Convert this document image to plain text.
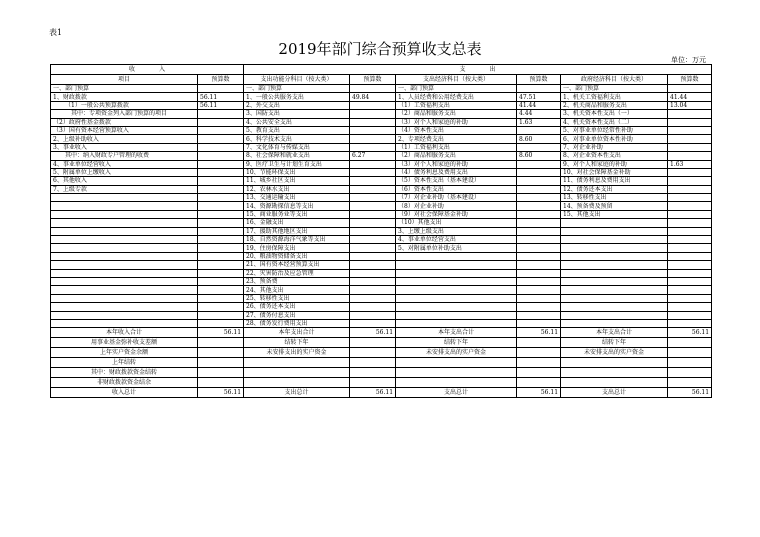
表1
2019年部门综合预算收支总表
单位：万元
收　　　　入		支　　　　出					
项目	预算数	支出功能分科目（按大类）	预算数	支出经济科目（按大类）	预算数	政府经济科目（按大类）	预算数
一、部门预算		一、部门预算		一、部门预算		一、部门预算	
1、财政拨款	56.11	1、一般公共服务支出	49.84	1、人员经费和公用经费支出	47.51	1、机关工资福利支出	41.44
（1）一般公共预算拨款	56.11	2、外交支出		（1）工资福利支出	41.44	2、机关商品和服务支出	13.04
其中：专项资金列入部门预算的项目		3、国防支出		（2）商品和服务支出	4.44	3、机关资本性支出（一）	
（2）政府性基金拨款		4、公共安全支出		（3）对个人和家庭的补助	1.63	4、机关资本性支出（二）	
（3）国有资本经营预算收入		5、教育支出		（4）资本性支出		5、对事业单位经常性补助	
2、上级补助收入		6、科学技术支出		2、专项经费支出	8.60	6、对事业单位资本性补助	
3、事业收入		7、文化体育与传媒支出		（1）工资福利支出		7、对企业补助	
其中：纳入财政专户管理的收费		8、社会保障和就业支出	6.27	（2）商品和服务支出	8.60	8、对企业资本性支出	
4、事业单位经营收入		9、医疗卫生与计划生育支出		（3）对个人和家庭的补助		9、对个人和家庭的补助	1.63
5、附属单位上缴收入		10、节能环保支出		（4）债务利息及费用支出		10、对社会保障基金补助	
6、其他收入		11、城乡社区支出		（5）资本性支出（基本建设）		11、债务利息及费用支出	
7、上级专款		12、农林水支出		（6）资本性支出		12、债务还本支出	
		13、交通运输支出		（7）对企业补助（基本建设）		13、转移性支出	
		14、资源勘探信息等支出		（8）对企业补助		14、预备费及预留	
		15、商业服务业等支出		（9）对社会保障基金补助		15、其他支出	
		16、金融支出		（10）其他支出			
		17、援助其他地区支出		3、上缴上级支出			
		18、自然资源海洋气象等支出		4、事业单位经营支出			
		19、住房保障支出		5、对附属单位补助支出			
		20、粮油物资储备支出					
		21、国有资本经营预算支出					
		22、灾害防治及应急管理					
		23、预备费					
		24、其他支出					
		25、转移性支出					
		26、债务还本支出					
		27、债务付息支出					
		28、债务发行费用支出					
本年收入合计	56.11	本年支出合计	56.11	本年支出合计	56.11	本年支出合计	56.11
用事业基金弥补收支差额		结转下年		结转下年		结转下年	
上年实户资金余额		未安排支出的实户资金		未安排支出的实户资金		未安排支出的实户资金	
上年结转							
其中：财政拨款资金结转							
非财政拨款资金结余							
收入总计	56.11	支出总计	56.11	支出总计	56.11	支出总计	56.11
